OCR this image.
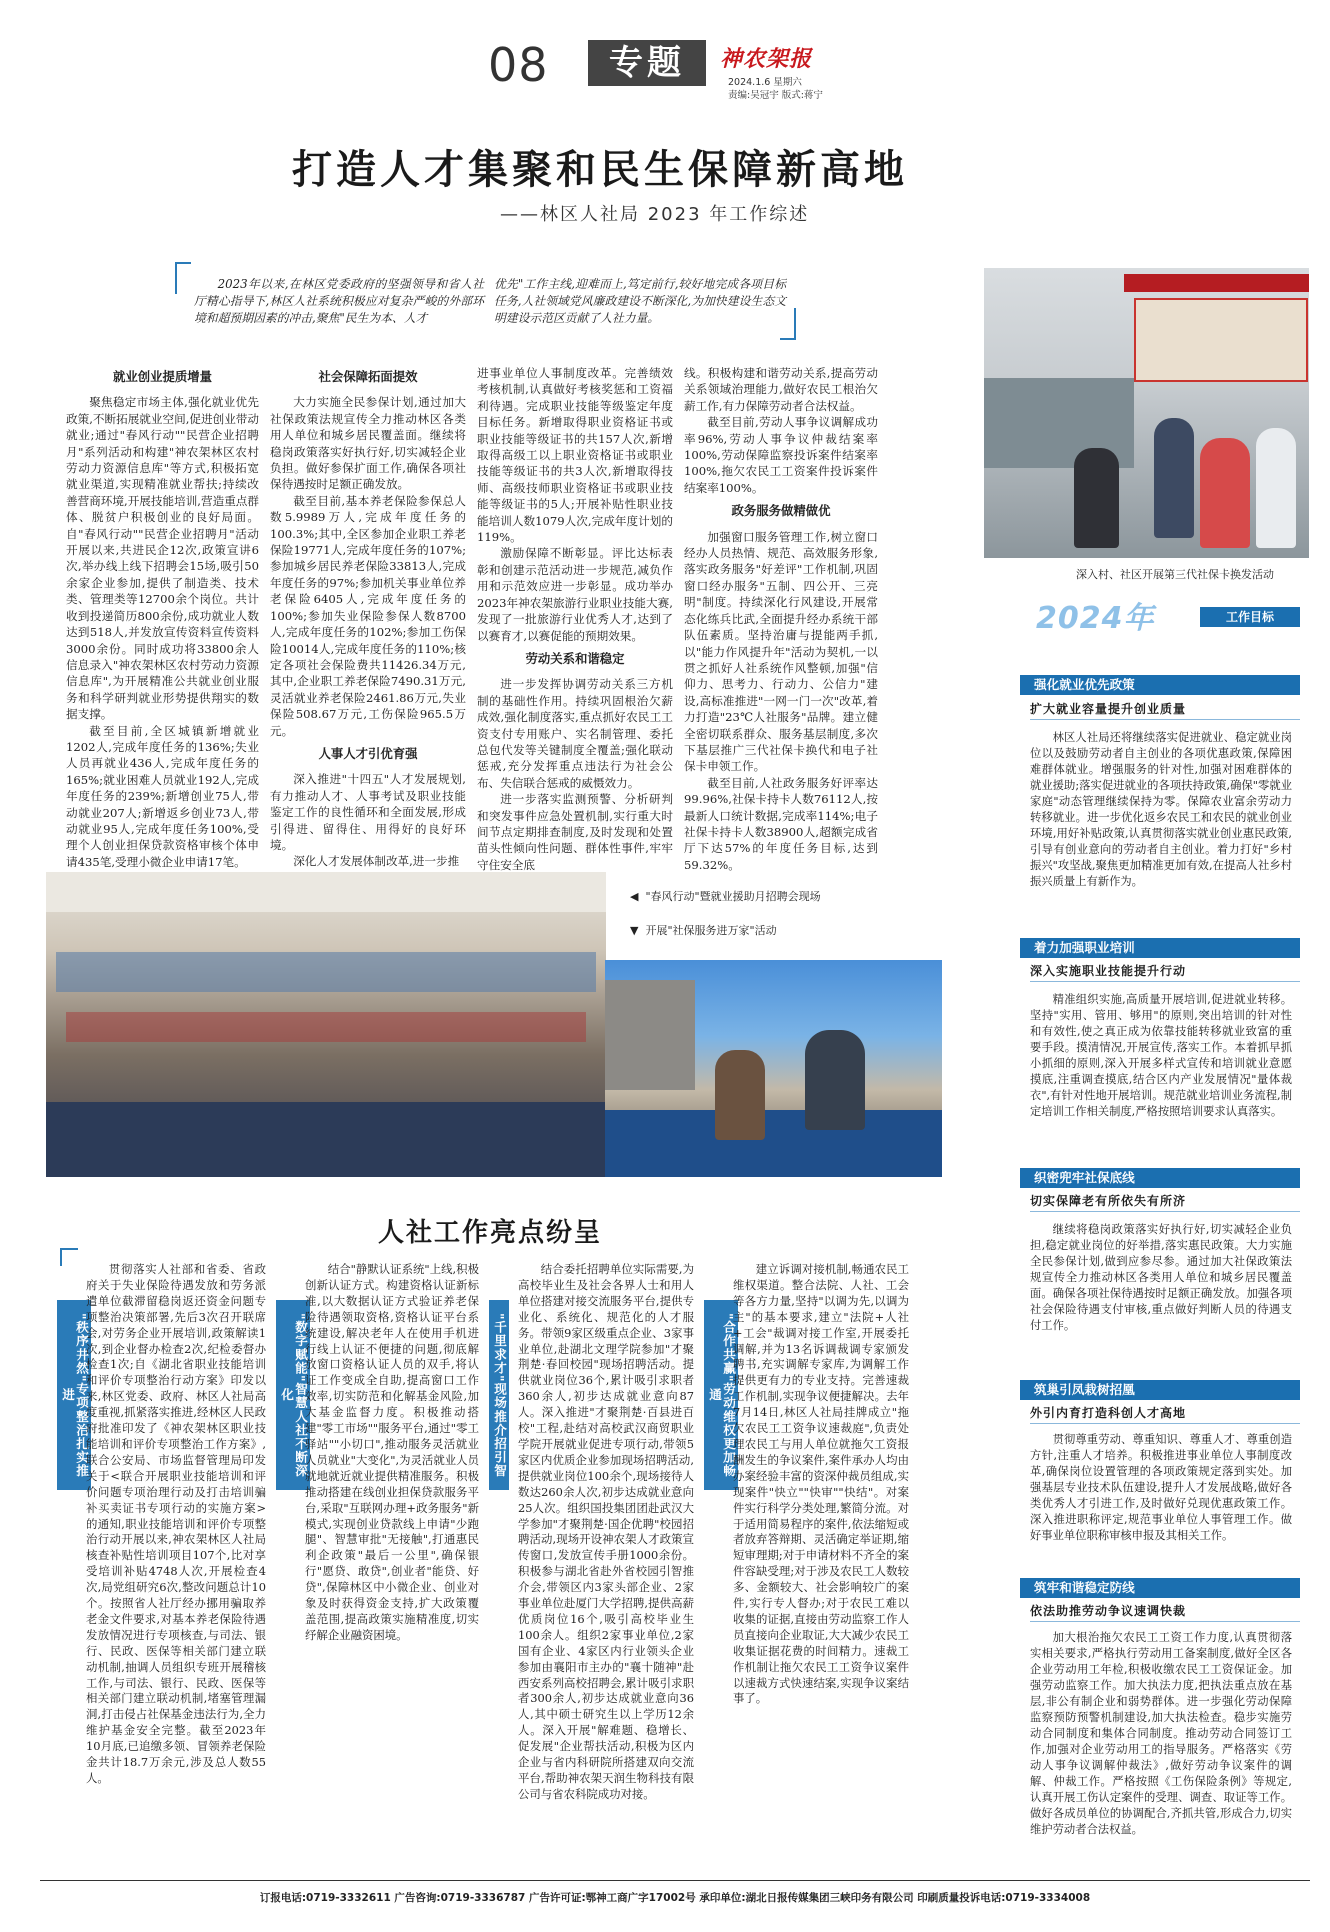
08	专题	神农架报
2024.1.6 星期六
责编:吴冠宇 版式:蒋宁
打造人才集聚和民生保障新高地
——林区人社局 2023 年工作综述
2023年以来,在林区党委政府的坚强领导和省人社厅精心指导下,林区人社系统积极应对复杂严峻的外部环境和超预期因素的冲击,聚焦"民生为本、人才
优先"工作主线,迎难而上,笃定前行,较好地完成各项目标任务,人社领域党风廉政建设不断深化,为加快建设生态文明建设示范区贡献了人社力量。
深入村、社区开展第三代社保卡换发活动
就业创业提质增量

聚焦稳定市场主体,强化就业优先政策,不断拓展就业空间,促进创业带动就业;通过"春风行动""民营企业招聘月"系列活动和构建"神农架林区农村劳动力资源信息库"等方式,积极拓宽就业渠道,实现精准就业帮扶;持续改善营商环境,开展技能培训,营造重点群体、脱贫户积极创业的良好局面。自"春风行动""民营企业招聘月"活动开展以来,共进民企12次,政策宣讲6次,举办线上线下招聘会15场,吸引50余家企业参加,提供了制造类、技术类、管理类等12700余个岗位。共计收到投递简历800余份,成功就业人数达到518人,并发放宣传资料宣传资料3000余份。同时成功将33800余人信息录入"神农架林区农村劳动力资源信息库",为开展精准公共就业创业服务和科学研判就业形势提供翔实的数据支撑。

截至目前,全区城镇新增就业1202人,完成年度任务的136%;失业人员再就业436人,完成年度任务的165%;就业困难人员就业192人,完成年度任务的239%;新增创业75人,带动就业207人;新增返乡创业73人,带动就业95人,完成年度任务100%,受理个人创业担保贷款资格审核个体申请435笔,受理小微企业申请17笔。

社会保障拓面提效

大力实施全民参保计划,通过加大社保政策法规宣传全力推动林区各类用人单位和城乡居民覆盖面。继续将稳岗政策落实好执行好,切实减轻企业负担。做好参保扩面工作,确保各项社保待遇按时足额正确发放。

截至目前,基本养老保险参保总人数5.9989万人,完成年度任务的100.3%;其中,全区参加企业职工养老保险19771人,完成年度任务的107%;参加城乡居民养老保险33813人,完成年度任务的97%;参加机关事业单位养老保险6405人,完成年度任务的100%;参加失业保险参保人数8700人,完成年度任务的102%;参加工伤保险10014人,完成年度任务的110%;核定各项社会保险费共11426.34万元,其中,企业职工养老保险7490.31万元,灵活就业养老保险2461.86万元,失业保险508.67万元,工伤保险965.5万元。

人事人才引优育强

深入推进"十四五"人才发展规划,有力推动人才、人事考试及职业技能鉴定工作的良性循环和全面发展,形成引得进、留得住、用得好的良好环境。

深化人才发展体制改革,进一步推

进事业单位人事制度改革。完善绩效考核机制,认真做好考核奖惩和工资福利待遇。完成职业技能等级鉴定年度目标任务。新增取得职业资格证书或职业技能等级证书的共157人次,新增取得高级工以上职业资格证书或职业技能等级证书的共3人次,新增取得技师、高级技师职业资格证书或职业技能等级证书的5人;开展补贴性职业技能培训人数1079人次,完成年度计划的119%。

激励保障不断彰显。评比达标表彰和创建示范活动进一步规范,减负作用和示范效应进一步彰显。成功举办2023年神农架旅游行业职业技能大赛,发现了一批旅游行业优秀人才,达到了以赛育才,以赛促能的预期效果。

劳动关系和谐稳定

进一步发挥协调劳动关系三方机制的基础性作用。持续巩固根治欠薪成效,强化制度落实,重点抓好农民工工资支付专用账户、实名制管理、委托总包代发等关键制度全覆盖;强化联动惩戒,充分发挥重点违法行为社会公布、失信联合惩戒的威慑效力。

进一步落实监测预警、分析研判和突发事件应急处置机制,实行重大时间节点定期排查制度,及时发现和处置苗头性倾向性问题、群体性事件,牢牢守住安全底

线。积极构建和谐劳动关系,提高劳动关系领域治理能力,做好农民工根治欠薪工作,有力保障劳动者合法权益。

截至目前,劳动人事争议调解成功率96%,劳动人事争议仲裁结案率100%,劳动保障监察投诉案件结案率100%,拖欠农民工工资案件投诉案件结案率100%。

政务服务做精做优

加强窗口服务管理工作,树立窗口经办人员热情、规范、高效服务形象,落实政务服务"好差评"工作机制,巩固窗口经办服务"五制、四公开、三亮明"制度。持续深化行风建设,开展常态化练兵比武,全面提升经办系统干部队伍素质。坚持治庸与提能两手抓,以"能力作风提升年"活动为契机,一以贯之抓好人社系统作风整顿,加强"信仰力、思考力、行动力、公信力"建设,高标准推进"一网一门一次"改革,着力打造"23℃人社服务"品牌。建立健全密切联系群众、服务基层制度,多次下基层推广三代社保卡换代和电子社保卡申领工作。

截至目前,人社政务服务好评率达99.96%,社保卡持卡人数76112人,按最新人口统计数据,完成率114%;电子社保卡持卡人数38900人,超额完成省厅下达57%的年度任务目标,达到59.32%。

◀ "春风行动"暨就业援助月招聘会现场
▼ 开展"社保服务进万家"活动
人社工作亮点纷呈
"秩序井然"专项整治扎实推进
贯彻落实人社部和省委、省政府关于失业保险待遇发放和劳务派遣单位截滞留稳岗返还资金问题专项整治决策部署,先后3次召开联席会,对劳务企业开展培训,政策解读1次,到企业督办检查2次,纪检委督办检查1次;自《湖北省职业技能培训和评价专项整治行动方案》印发以来,林区党委、政府、林区人社局高度重视,抓紧落实推进,经林区人民政府批准印发了《神农架林区职业技能培训和评价专项整治工作方案》,联合公安局、市场监督管理局印发关于<联合开展职业技能培训和评价问题专项治理行动及打击培训骗补买卖证书专项行动的实施方案>的通知,职业技能培训和评价专项整治行动开展以来,神农架林区人社局核查补贴性培训项目107个,比对享受培训补贴4748人次,开展检查4次,局党组研究6次,整改问题总计10个。按照省人社厅经办挪用骗取养老金文件要求,对基本养老保险待遇发放情况进行专项核查,与司法、银行、民政、医保等相关部门建立联动机制,抽调人员组织专班开展稽核工作,与司法、银行、民政、医保等相关部门建立联动机制,堵塞管理漏洞,打击侵占社保基金违法行为,全力维护基金安全完整。截至2023年10月底,已追缴多领、冒领养老保险金共计18.7万余元,涉及总人数55人。
"数字赋能"智慧人社不断深化
结合"静默认证系统"上线,积极创新认证方式。构建资格认证新标准,以大数据认证方式验证养老保险待遇领取资格,资格认证平台系统建设,解决老年人在使用手机进行线上认证不便捷的问题,彻底解放窗口资格认证人员的双手,将认证工作变成全自助,提高窗口工作效率,切实防范和化解基金风险,加大基金监督力度。积极推动搭建"零工市场""服务平台,通过"零工驿站""小切口",推动服务灵活就业人员就业"大变化",为灵活就业人员就地就近就业提供精准服务。积极推动搭建在线创业担保贷款服务平台,采取"互联网办理+政务服务"新模式,实现创业贷款线上申请"少跑腿"、智慧审批"无接触",打通惠民利企政策"最后一公里",确保银行"愿贷、敢贷",创业者"能贷、好贷",保障林区中小微企业、创业对象及时获得资金支持,扩大政策覆盖范围,提高政策实施精准度,切实纾解企业融资困境。
"千里求才"现场推介招引智
结合委托招聘单位实际需要,为高校毕业生及社会各界人士和用人单位搭建对接交流服务平台,提供专业化、系统化、规范化的人才服务。带领9家区级重点企业、3家事业单位,赴湖北文理学院参加"才聚荆楚·春回校园"现场招聘活动。提供就业岗位36个,累计吸引求职者360余人,初步达成就业意向87人。深入推进"才聚荆楚·百县进百校"工程,赴结对高校武汉商贸职业学院开展就业促进专项行动,带领5家区内优质企业参加现场招聘活动,提供就业岗位100余个,现场接待人数达260余人次,初步达成就业意向25人次。组织国投集团团赴武汉大学参加"才聚荆楚·国企优聘"校园招聘活动,现场开设神农架人才政策宣传窗口,发放宣传手册1000余份。积极参与湖北省赴外省校园引智推介会,带领区内3家头部企业、2家事业单位赴厦门大学招聘,提供高薪优质岗位16个,吸引高校毕业生100余人。组织2家事业单位,2家国有企业、4家区内行业领头企业参加由襄阳市主办的"襄十随神"赴西安系列高校招聘会,累计吸引求职者300余人,初步达成就业意向36人,其中硕士研究生以上学历12余人。深入开展"解难题、稳增长、促发展"企业帮扶活动,积极为区内企业与省内科研院所搭建双向交流平台,帮助神农架天润生物科技有限公司与省农科院成功对接。
"合作共赢"劳动维权更加畅通
建立诉调对接机制,畅通农民工维权渠道。整合法院、人社、工会等各方力量,坚持"以调为先,以调为主"的基本要求,建立"法院+人社+工会"裁调对接工作室,开展委托调解,并为13名诉调裁调专家颁发聘书,充实调解专家库,为调解工作提供更有力的专业支持。完善速裁工作机制,实现争议便捷解决。去年7月14日,林区人社局挂牌成立"拖欠农民工工资争议速裁庭",负责处理农民工与用人单位就拖欠工资报酬发生的争议案件,案件承办人均由办案经验丰富的资深仲裁员组成,实现案件"快立""快审""快结"。对案件实行科学分类处理,繁简分流。对于适用简易程序的案件,依法缩短或者放弃答辩期、灵活确定举证期,缩短审理期;对于申请材料不齐全的案件容缺受理;对于涉及农民工人数较多、金额较大、社会影响较广的案件,实行专人督办;对于农民工难以收集的证据,直接由劳动监察工作人员直接向企业取证,大大减少农民工收集证据花费的时间精力。速裁工作机制让拖欠农民工工资争议案件以速裁方式快速结案,实现争议案结事了。
2024年	工作目标
强化就业优先政策
扩大就业容量提升创业质量

林区人社局还将继续落实促进就业、稳定就业岗位以及鼓励劳动者自主创业的各项优惠政策,保障困难群体就业。增强服务的针对性,加强对困难群体的就业援助;落实促进就业的各项扶持政策,确保"零就业家庭"动态管理继续保持为零。保障农业富余劳动力转移就业。进一步优化返乡农民工和农民的就业创业环境,用好补贴政策,认真贯彻落实就业创业惠民政策,引导有创业意向的劳动者自主创业。着力打好"乡村振兴"攻坚战,聚焦更加精准更加有效,在提高人社乡村振兴质量上有新作为。

着力加强职业培训
深入实施职业技能提升行动

精准组织实施,高质量开展培训,促进就业转移。坚持"实用、管用、够用"的原则,突出培训的针对性和有效性,使之真正成为依靠技能转移就业致富的重要手段。摸清情况,开展宣传,落实工作。本着抓早抓小抓细的原则,深入开展多样式宣传和培训就业意愿摸底,注重调查摸底,结合区内产业发展情况"量体裁衣",有针对性地开展培训。规范就业培训业务流程,制定培训工作相关制度,严格按照培训要求认真落实。

织密兜牢社保底线
切实保障老有所依失有所济

继续将稳岗政策落实好执行好,切实减轻企业负担,稳定就业岗位的好举措,落实惠民政策。大力实施全民参保计划,做到应参尽参。通过加大社保政策法规宣传全力推动林区各类用人单位和城乡居民覆盖面。确保各项社保待遇按时足额正确发放。加强各项社会保险待遇支付审核,重点做好判断人员的待遇支付工作。

筑巢引凤栽树招凰
外引内育打造科创人才高地

贯彻尊重劳动、尊重知识、尊重人才、尊重创造方针,注重人才培养。积极推进事业单位人事制度改革,确保岗位设置管理的各项政策规定落到实处。加强基层专业技术队伍建设,提升人才发展战略,做好各类优秀人才引进工作,及时做好兑现优惠政策工作。深入推进职称评定,规范事业单位人事管理工作。做好事业单位职称审核申报及其相关工作。

筑牢和谐稳定防线
依法助推劳动争议速调快裁

加大根治拖欠农民工工资工作力度,认真贯彻落实相关要求,严格执行劳动用工备案制度,做好全区各企业劳动用工年检,积极收缴农民工工资保证金。加强劳动监察工作。加大执法力度,把执法重点放在基层,非公有制企业和弱势群体。进一步强化劳动保障监察预防预警机制建设,加大执法检查。稳步实施劳动合同制度和集体合同制度。推动劳动合同签订工作,加强对企业劳动用工的指导服务。严格落实《劳动人事争议调解仲裁法》,做好劳动争议案件的调解、仲裁工作。严格按照《工伤保险条例》等规定,认真开展工伤认定案件的受理、调查、取证等工作。做好各成员单位的协调配合,齐抓共管,形成合力,切实维护劳动者合法权益。

订报电话:0719-3332611 广告咨询:0719-3336787 广告许可证:鄂神工商广字17002号 承印单位:湖北日报传媒集团三峡印务有限公司 印刷质量投诉电话:0719-3334008
